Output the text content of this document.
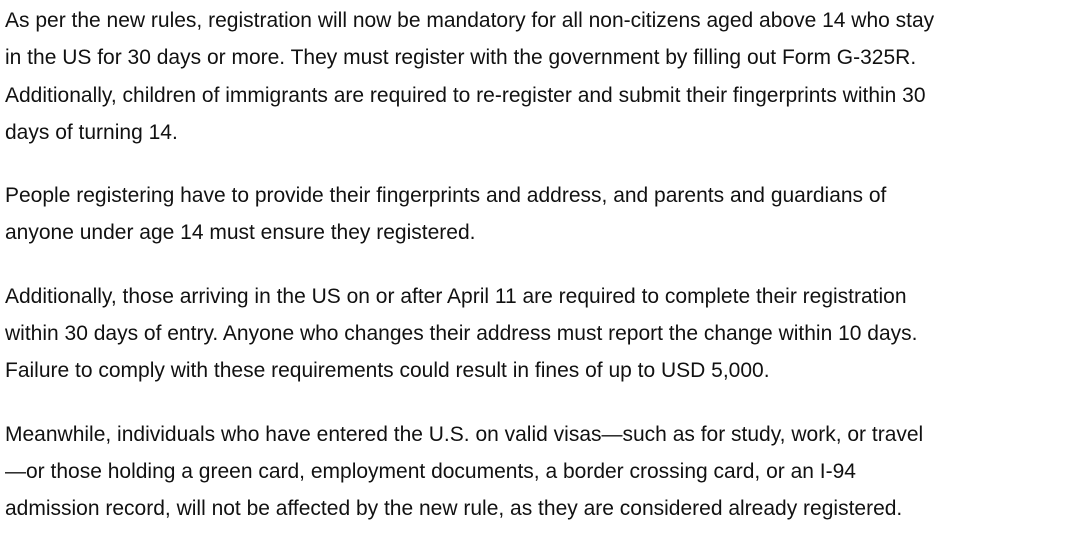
As per the new rules, registration will now be mandatory for all non-citizens aged above 14 who stay
in the US for 30 days or more. They must register with the government by filling out Form G-325R.
Additionally, children of immigrants are required to re-register and submit their fingerprints within 30
days of turning 14.

People registering have to provide their fingerprints and address, and parents and guardians of
anyone under age 14 must ensure they registered.

Additionally, those arriving in the US on or after April 11 are required to complete their registration
within 30 days of entry. Anyone who changes their address must report the change within 10 days.
Failure to comply with these requirements could result in fines of up to USD 5,000.

Meanwhile, individuals who have entered the U.S. on valid visas—such as for study, work, or travel
—or those holding a green card, employment documents, a border crossing card, or an I-94
admission record, will not be affected by the new rule, as they are considered already registered.
